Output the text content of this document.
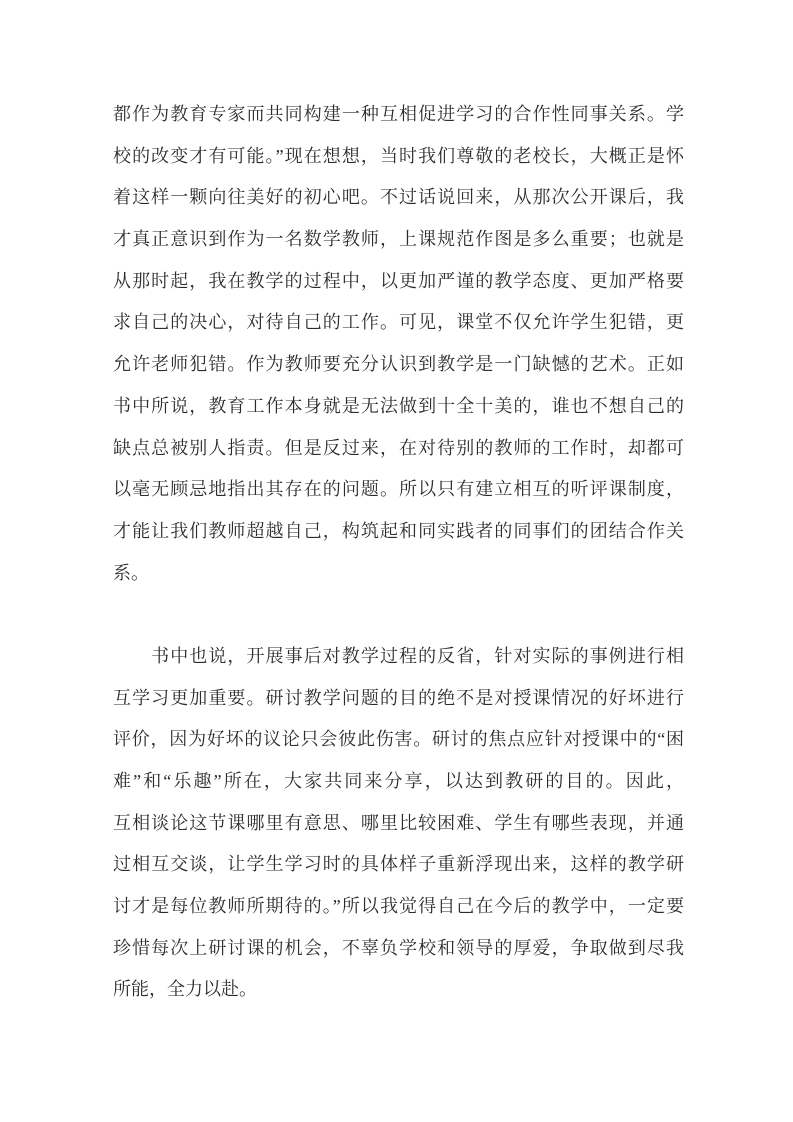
都作为教育专家而共同构建一种互相促进学习的合作性同事关系。学
校的改变才有可能。”现在想想，当时我们尊敬的老校长，大概正是怀
着这样一颗向往美好的初心吧。不过话说回来，从那次公开课后，我
才真正意识到作为一名数学教师，上课规范作图是多么重要；也就是
从那时起，我在教学的过程中，以更加严谨的教学态度、更加严格要
求自己的决心，对待自己的工作。可见，课堂不仅允许学生犯错，更
允许老师犯错。作为教师要充分认识到教学是一门缺憾的艺术。正如
书中所说，教育工作本身就是无法做到十全十美的，谁也不想自己的
缺点总被别人指责。但是反过来，在对待别的教师的工作时，却都可
以毫无顾忌地指出其存在的问题。所以只有建立相互的听评课制度，
才能让我们教师超越自己，构筑起和同实践者的同事们的团结合作关
系。
　　书中也说，开展事后对教学过程的反省，针对实际的事例进行相
互学习更加重要。研讨教学问题的目的绝不是对授课情况的好坏进行
评价，因为好坏的议论只会彼此伤害。研讨的焦点应针对授课中的“困
难”和“乐趣”所在，大家共同来分享，以达到教研的目的。因此，
互相谈论这节课哪里有意思、哪里比较困难、学生有哪些表现，并通
过相互交谈，让学生学习时的具体样子重新浮现出来，这样的教学研
讨才是每位教师所期待的。”所以我觉得自己在今后的教学中，一定要
珍惜每次上研讨课的机会，不辜负学校和领导的厚爱，争取做到尽我
所能，全力以赴。
